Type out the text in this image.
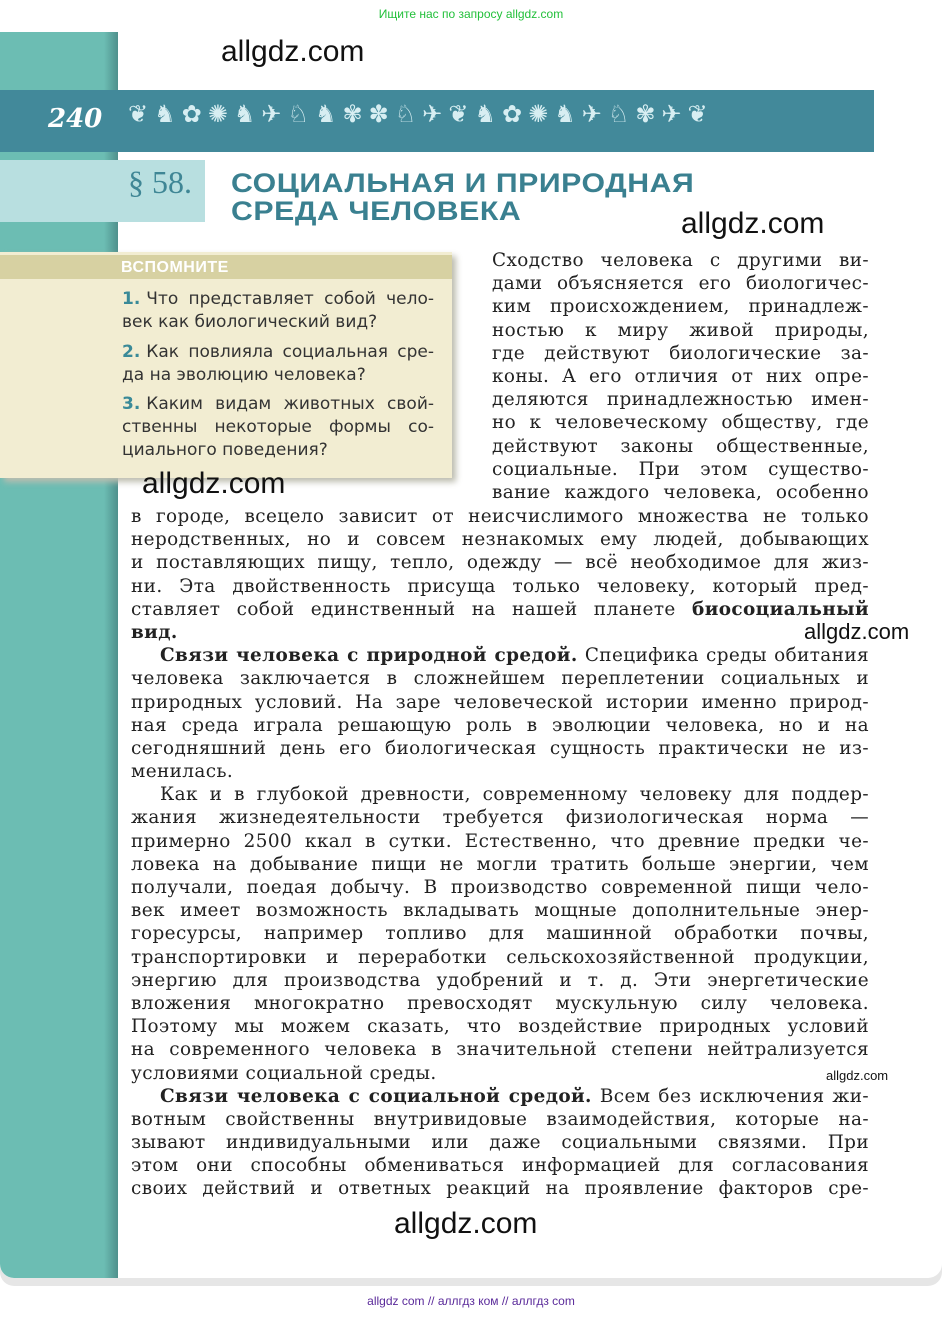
Ищите нас по запросу allgdz.com
240 ❦♞✿✺♞✈♘♞✾✽♘✈❦♞✿✺♞✈♘✾✈❦
§ 58. СОЦИАЛЬНАЯ И ПРИРОДНАЯ
СРЕДА ЧЕЛОВЕКА
ВСПОМНИТЕ
1. Что представляет собой чело-
век как биологический вид?
2. Как повлияла социальная сре-
да на эволюцию человека?
3. Каким видам животных свой-
ственны некоторые формы со-
циального поведения?
Сходство человека с другими ви-
дами объясняется его биологичес-
ким происхождением, принадлеж-
ностью к миру живой природы,
где действуют биологические за-
коны. А его отличия от них опре-
деляются принадлежностью имен-
но к человеческому обществу, где
действуют законы общественные,
социальные. При этом существо-
вание каждого человека, особенно
в городе, всецело зависит от неисчислимого множества не только
неродственных, но и совсем незнакомых ему людей, добывающих
и поставляющих пищу, тепло, одежду — всё необходимое для жиз-
ни. Эта двойственность присуща только человеку, который пред-
ставляет собой единственный на нашей планете биосоциальный
вид.
Связи человека с природной средой. Специфика среды обитания
человека заключается в сложнейшем переплетении социальных и
природных условий. На заре человеческой истории именно природ-
ная среда играла решающую роль в эволюции человека, но и на
сегодняшний день его биологическая сущность практически не из-
менилась.
Как и в глубокой древности, современному человеку для поддер-
жания жизнедеятельности требуется физиологическая норма —
примерно 2500 ккал в сутки. Естественно, что древние предки че-
ловека на добывание пищи не могли тратить больше энергии, чем
получали, поедая добычу. В производство современной пищи чело-
век имеет возможность вкладывать мощные дополнительные энер-
горесурсы, например топливо для машинной обработки почвы,
транспортировки и переработки сельскохозяйственной продукции,
энергию для производства удобрений и т. д. Эти энергетические
вложения многократно превосходят мускульную силу человека.
Поэтому мы можем сказать, что воздействие природных условий
на современного человека в значительной степени нейтрализуется
условиями социальной среды.
Связи человека с социальной средой. Всем без исключения жи-
вотным свойственны внутривидовые взаимодействия, которые на-
зывают индивидуальными или даже социальными связями. При
этом они способны обмениваться информацией для согласования
своих действий и ответных реакций на проявление факторов сре-
allgdz.com
allgdz.com
allgdz.com
allgdz.com
allgdz.com
allgdz.com
allgdz com // аллгдз ком // аллгдз com
